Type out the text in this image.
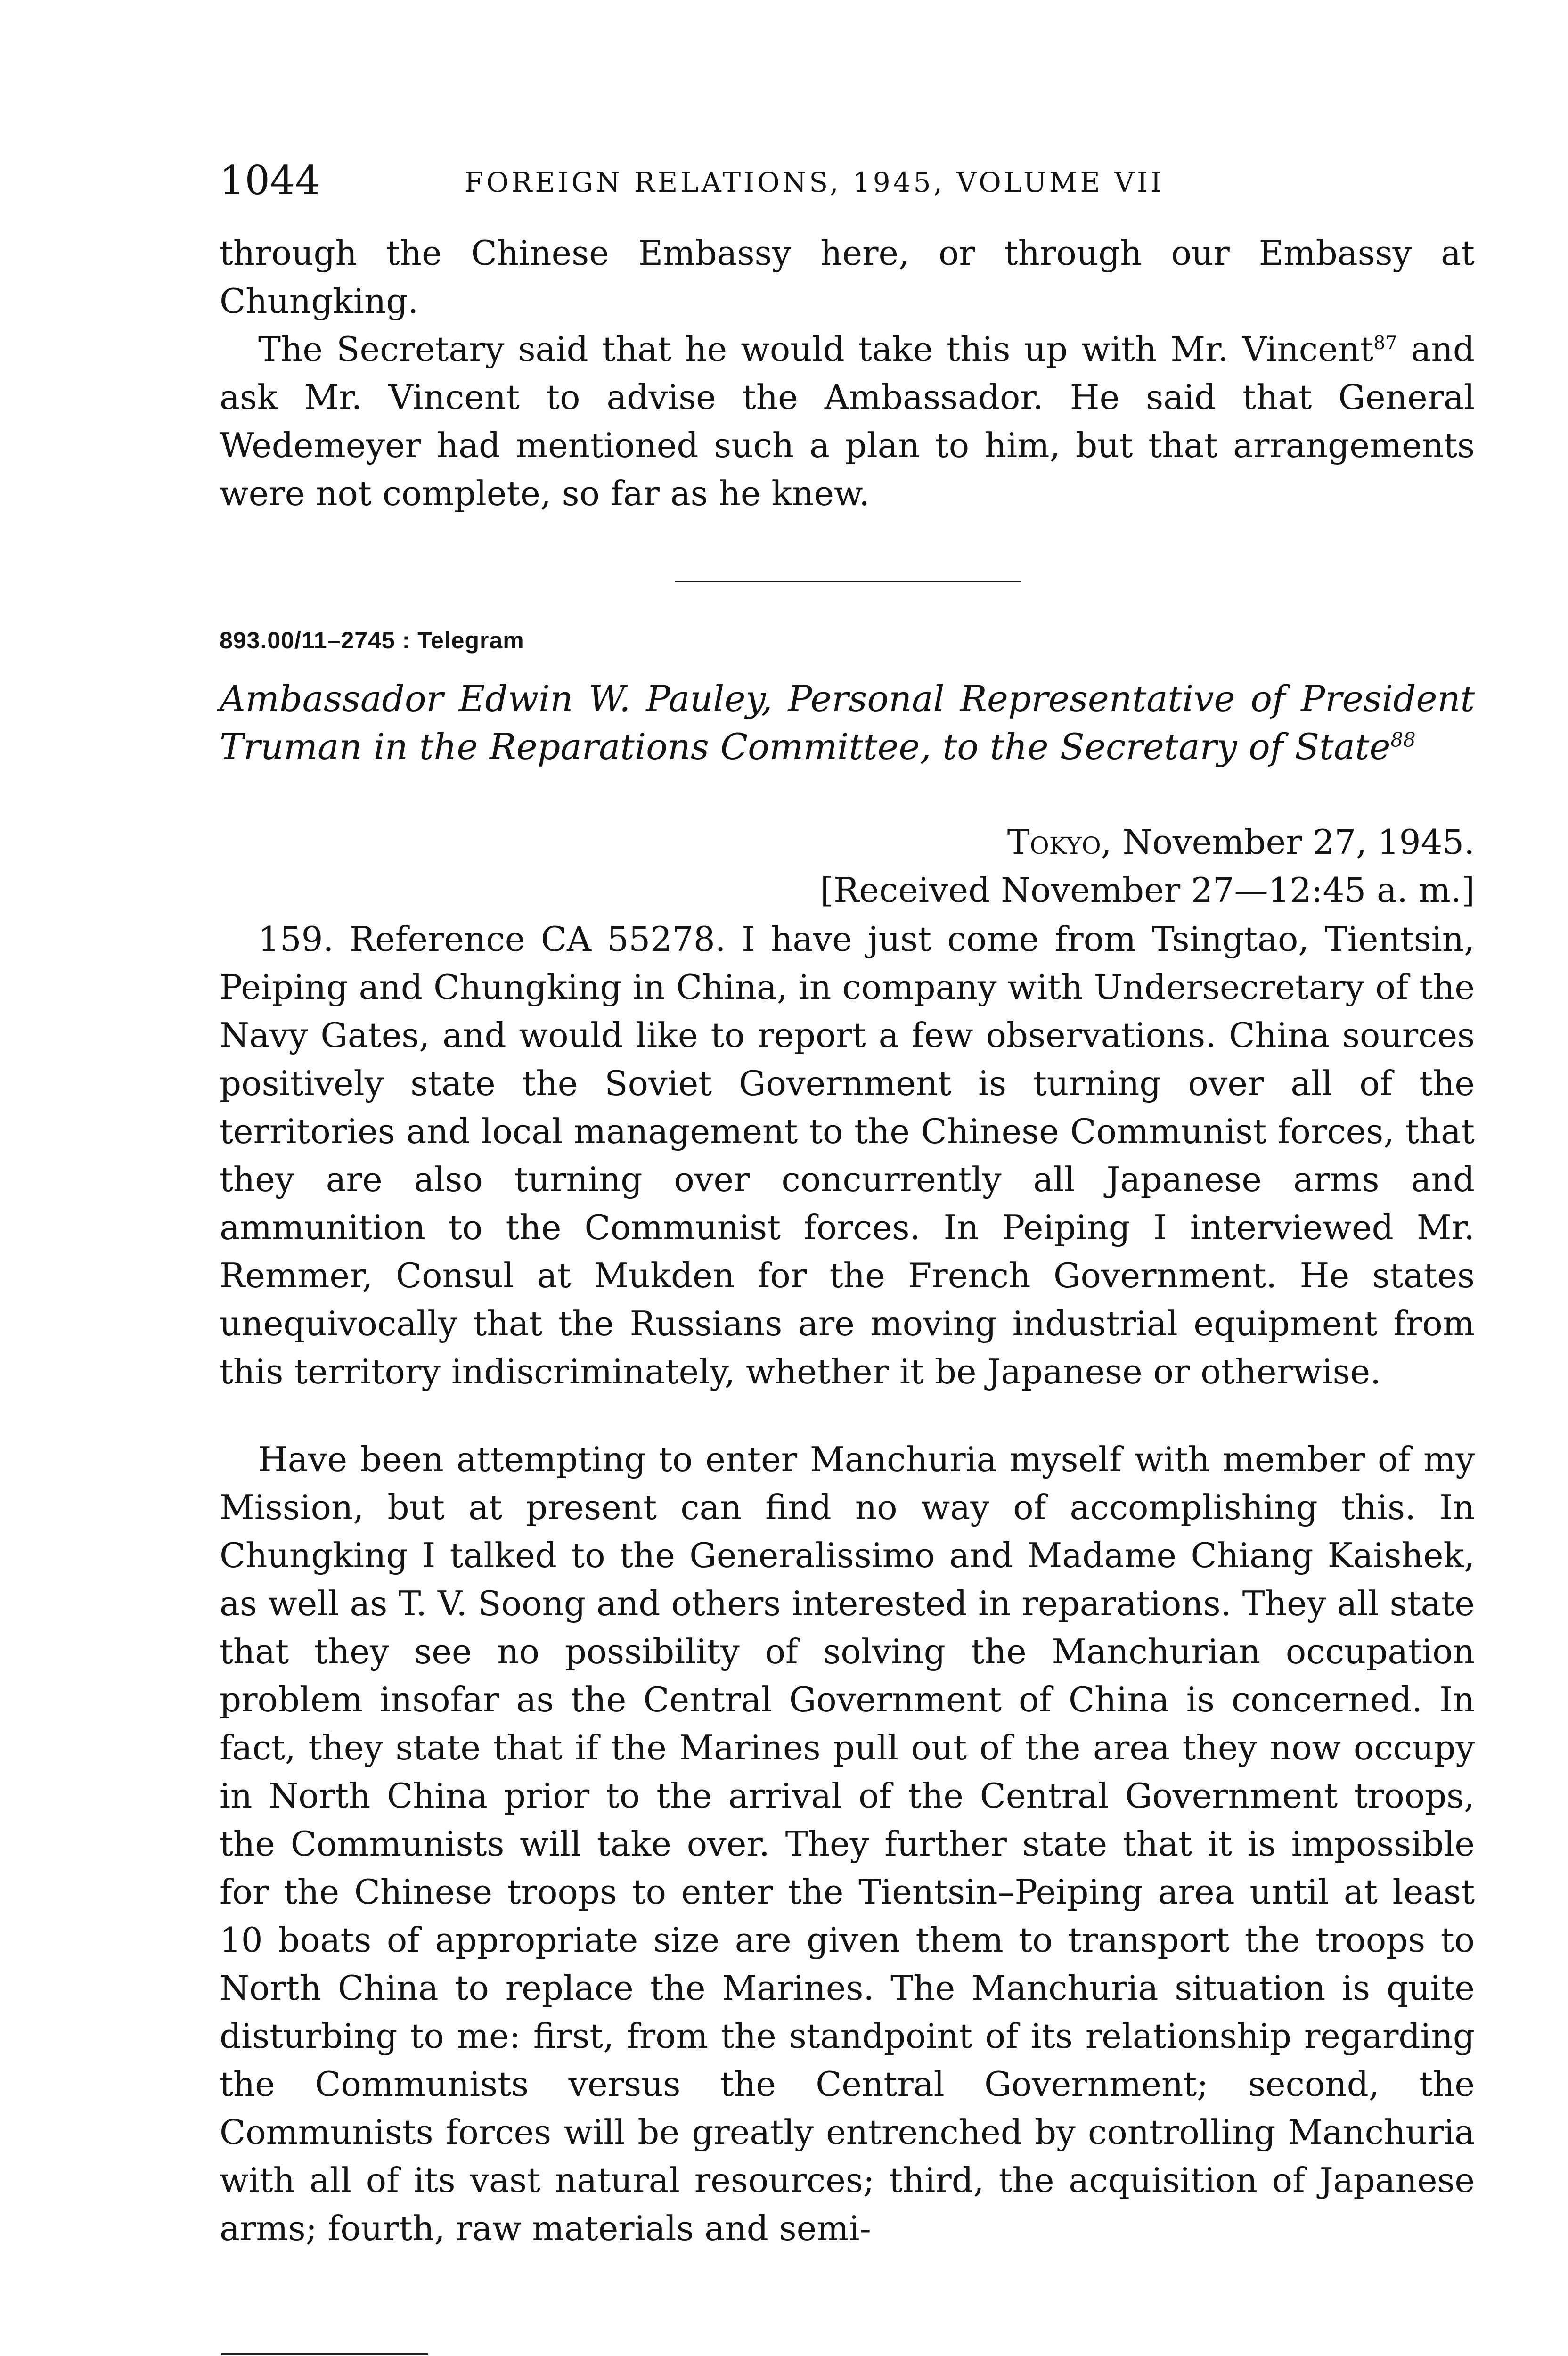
1044	FOREIGN RELATIONS, 1945, VOLUME VII

through the Chinese Embassy here, or through our Embassy at Chungking.

The Secretary said that he would take this up with Mr. Vincent$^{87}$ and ask Mr. Vincent to advise the Ambassador. He said that General Wedemeyer had mentioned such a plan to him, but that arrangements were not complete, so far as he knew.

893.00/11–2745 : Telegram

Ambassador Edwin W. Pauley, Personal Representative of President Truman in the Reparations Committee, to the Secretary of State$^{88}$

Tokyo, November 27, 1945.
[Received November 27—12:45 a. m.]

159. Reference CA 55278. I have just come from Tsingtao, Tientsin, Peiping and Chungking in China, in company with Undersecretary of the Navy Gates, and would like to report a few observations. China sources positively state the Soviet Government is turning over all of the territories and local management to the Chinese Communist forces, that they are also turning over concurrently all Japanese arms and ammunition to the Communist forces. In Peiping I interviewed Mr. Remmer, Consul at Mukden for the French Government. He states unequivocally that the Russians are moving industrial equipment from this territory indiscriminately, whether it be Japanese or otherwise.

Have been attempting to enter Manchuria myself with member of my Mission, but at present can find no way of accomplishing this. In Chungking I talked to the Generalissimo and Madame Chiang Kaishek, as well as T. V. Soong and others interested in reparations. They all state that they see no possibility of solving the Manchurian occupation problem insofar as the Central Government of China is concerned. In fact, they state that if the Marines pull out of the area they now occupy in North China prior to the arrival of the Central Government troops, the Communists will take over. They further state that it is impossible for the Chinese troops to enter the Tientsin–Peiping area until at least 10 boats of appropriate size are given them to transport the troops to North China to replace the Marines. The Manchuria situation is quite disturbing to me: first, from the standpoint of its relationship regarding the Communists versus the Central Government; second, the Communists forces will be greatly entrenched by controlling Manchuria with all of its vast natural resources; third, the acquisition of Japanese arms; fourth, raw materials and semi-
